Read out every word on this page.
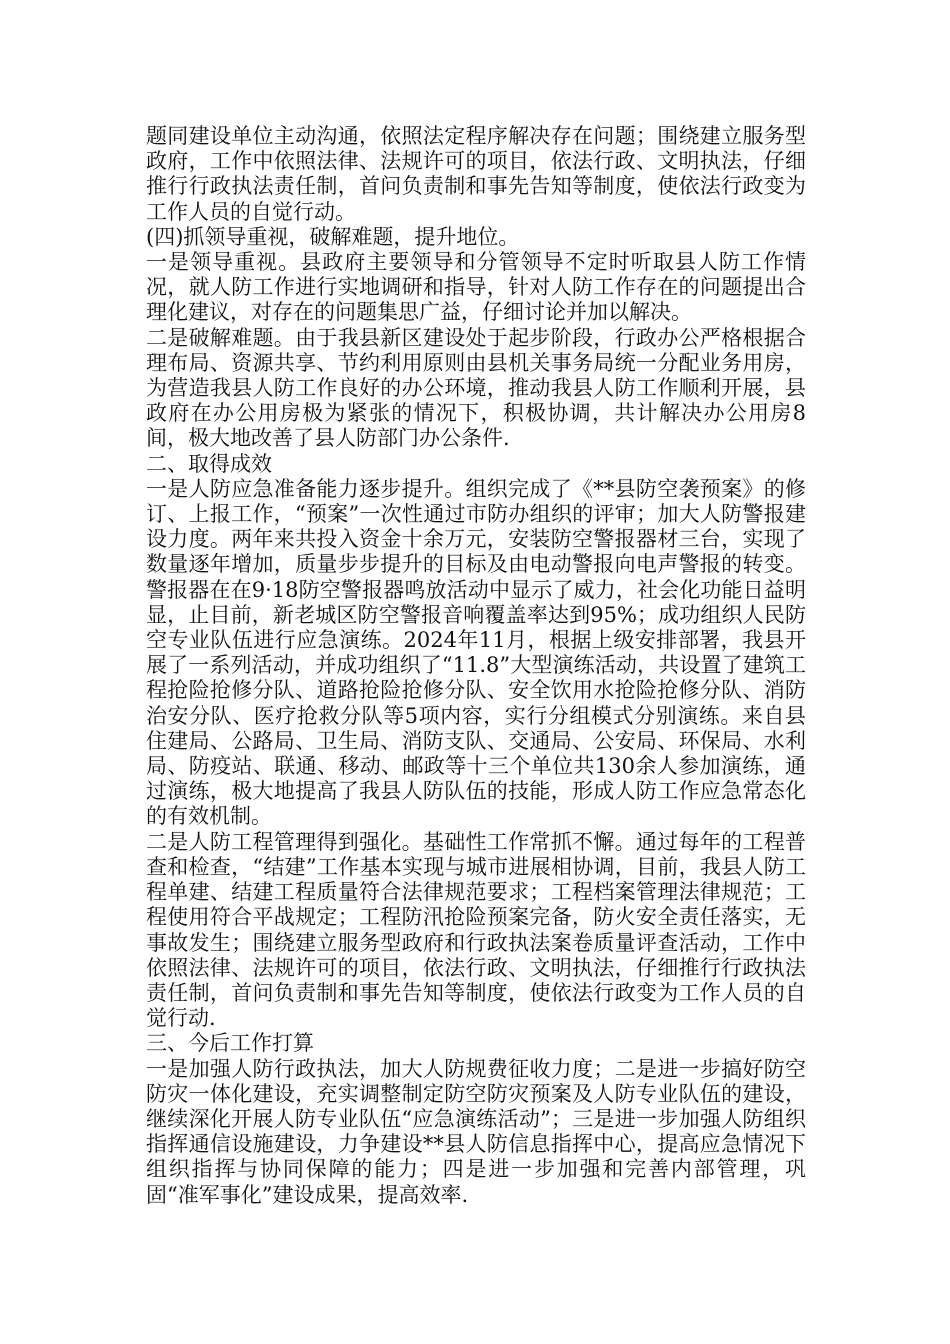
题同建设单位主动沟通，依照法定程序解决存在问题；围绕建立服务型政府，工作中依照法律、法规许可的项目，依法行政、文明执法，仔细推行行政执法责任制，首问负责制和事先告知等制度，使依法行政变为工作人员的自觉行动。

(四)抓领导重视，破解难题，提升地位。

一是领导重视。县政府主要领导和分管领导不定时听取县人防工作情况，就人防工作进行实地调研和指导，针对人防工作存在的问题提出合理化建议，对存在的问题集思广益，仔细讨论并加以解决。

二是破解难题。由于我县新区建设处于起步阶段，行政办公严格根据合理布局、资源共享、节约利用原则由县机关事务局统一分配业务用房，为营造我县人防工作良好的办公环境，推动我县人防工作顺利开展，县政府在办公用房极为紧张的情况下，积极协调，共计解决办公用房8间，极大地改善了县人防部门办公条件.

二、取得成效

一是人防应急准备能力逐步提升。组织完成了《**县防空袭预案》的修订、上报工作，“预案”一次性通过市防办组织的评审；加大人防警报建设力度。两年来共投入资金十余万元，安装防空警报器材三台，实现了数量逐年增加，质量步步提升的目标及由电动警报向电声警报的转变。警报器在在9·18防空警报器鸣放活动中显示了威力，社会化功能日益明显，止目前，新老城区防空警报音响覆盖率达到95%；成功组织人民防空专业队伍进行应急演练。2024年11月，根据上级安排部署，我县开展了一系列活动，并成功组织了“11.8”大型演练活动，共设置了建筑工程抢险抢修分队、道路抢险抢修分队、安全饮用水抢险抢修分队、消防治安分队、医疗抢救分队等5项内容，实行分组模式分别演练。来自县住建局、公路局、卫生局、消防支队、交通局、公安局、环保局、水利局、防疫站、联通、移动、邮政等十三个单位共130余人参加演练，通过演练，极大地提高了我县人防队伍的技能，形成人防工作应急常态化的有效机制。

二是人防工程管理得到强化。基础性工作常抓不懈。通过每年的工程普查和检查，“结建”工作基本实现与城市进展相协调，目前，我县人防工程单建、结建工程质量符合法律规范要求；工程档案管理法律规范；工程使用符合平战规定；工程防汛抢险预案完备，防火安全责任落实，无事故发生；围绕建立服务型政府和行政执法案卷质量评查活动，工作中依照法律、法规许可的项目，依法行政、文明执法，仔细推行行政执法责任制，首问负责制和事先告知等制度，使依法行政变为工作人员的自觉行动.

三、今后工作打算

一是加强人防行政执法，加大人防规费征收力度；二是进一步搞好防空防灾一体化建设，充实调整制定防空防灾预案及人防专业队伍的建设，继续深化开展人防专业队伍“应急演练活动”；三是进一步加强人防组织指挥通信设施建设，力争建设**县人防信息指挥中心，提高应急情况下组织指挥与协同保障的能力；四是进一步加强和完善内部管理，巩固“准军事化”建设成果，提高效率.
